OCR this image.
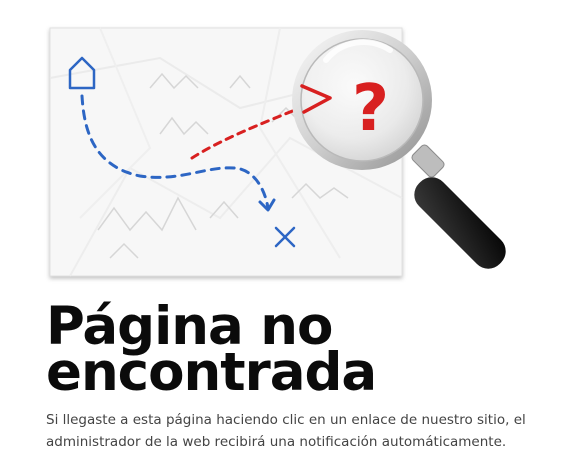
?
Página no
encontrada

Si llegaste a esta página haciendo clic en un enlace de nuestro sitio, el administrador de la web recibirá una notificación automáticamente.
